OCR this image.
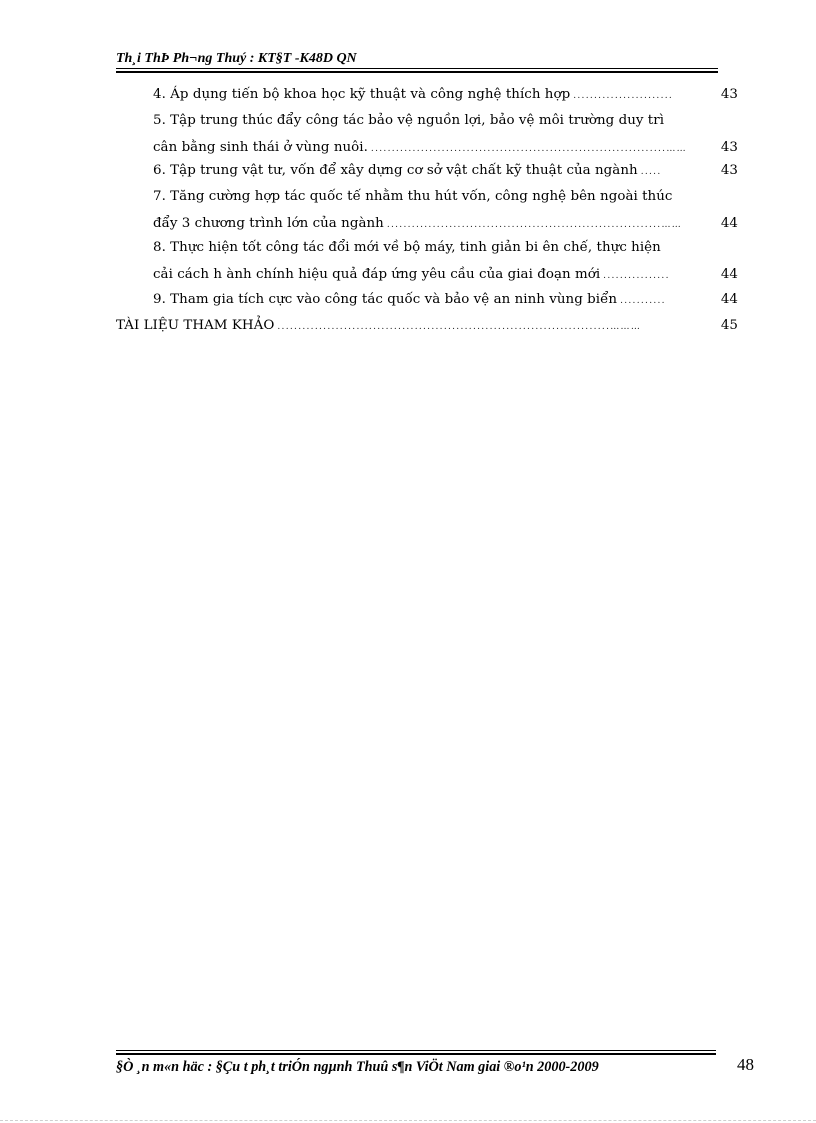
Th¸i ThÞ Ph¬ng Thuý : KT§T -K48D QN
4. Áp dụng tiến bộ khoa học kỹ thuật và công nghệ thích hợp ........................	43
5. Tập trung thúc đẩy công tác bảo vệ nguồn lợi, bảo vệ môi trường duy trì
cân bằng sinh thái ở vùng nuôi. .......................................................................……	43
6. Tập trung vật tư, vốn để xây dựng cơ sở vật chất kỹ thuật của ngành .....	43
7. Tăng cường hợp tác quốc tế nhằm thu hút vốn, công nghệ bên ngoài thúc
đẩy 3 chương trình lớn của ngành ..................................................................……	44
8. Thực hiện tốt công tác đổi mới về bộ máy, tinh giản bi ên chế, thực hiện
cải cách h ành chính hiệu quả đáp ứng yêu cầu của giai đoạn mới ................	44
9. Tham gia tích cực vào công tác quốc và bảo vệ an ninh vùng biển ...........	44
TÀI LIỆU THAM KHẢO ................................................................................………	45
§Ò ¸n m«n häc : §Çu t ph¸t triÓn ngµnh Thuû s¶n ViÖt Nam giai ®o¹n 2000-2009	48
